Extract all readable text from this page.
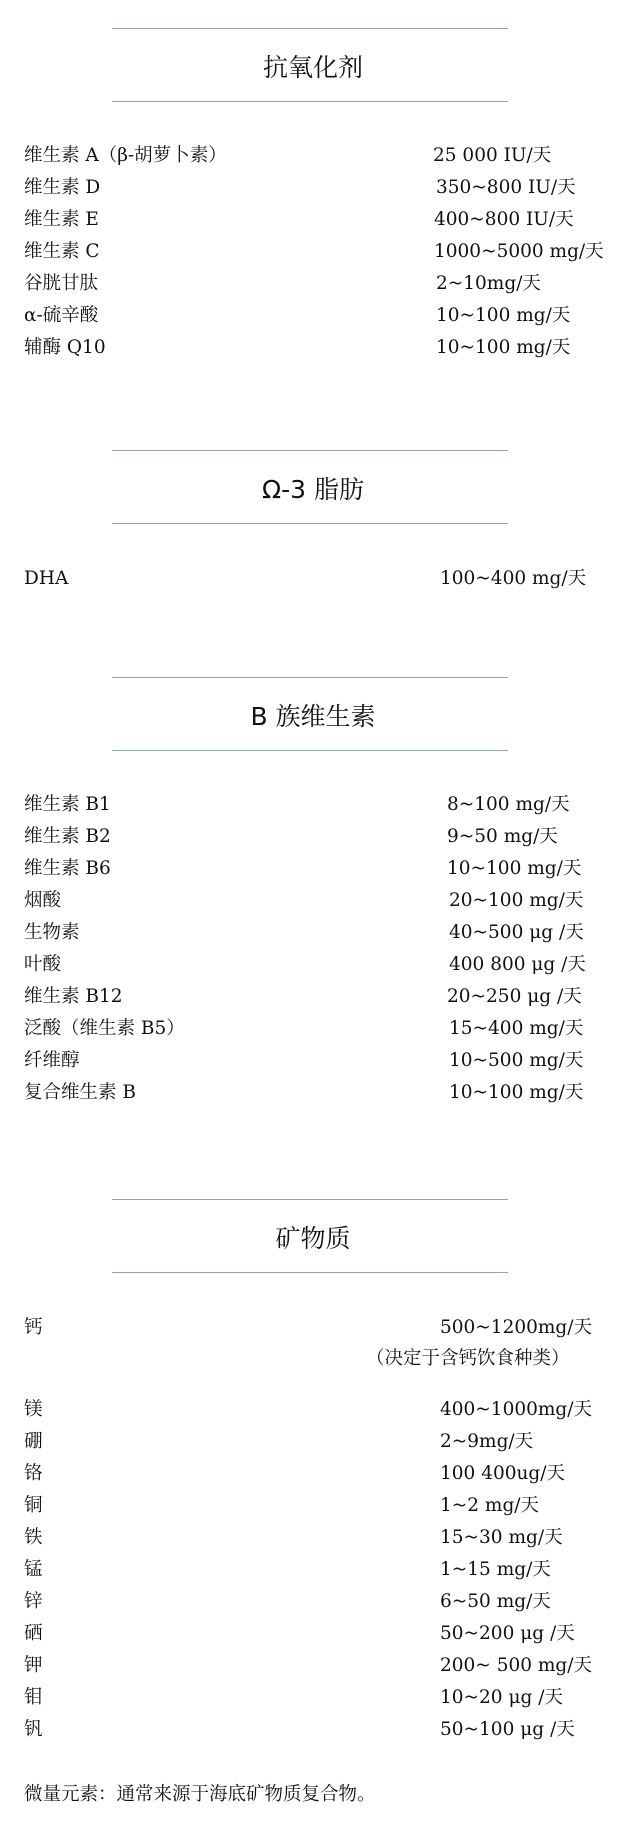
抗氧化剂
维生素 A（β-胡萝卜素）	25 000 IU/天
维生素 D	350~800 IU/天
维生素 E	400~800 IU/天
维生素 C	1000~5000 mg/天
谷胱甘肽	2~10mg/天
α-硫辛酸	10~100 mg/天
辅酶 Q10	10~100 mg/天
Ω-3 脂肪
DHA	100~400 mg/天
B 族维生素
维生素 B1	8~100 mg/天
维生素 B2	9~50 mg/天
维生素 B6	10~100 mg/天
烟酸	20~100 mg/天
生物素	40~500 μg /天
叶酸	400 800 μg /天
维生素 B12	20~250 μg /天
泛酸（维生素 B5）	15~400 mg/天
纤维醇	10~500 mg/天
复合维生素 B	10~100 mg/天
矿物质
钙	500~1200mg/天
（决定于含钙饮食种类）
镁	400~1000mg/天
硼	2~9mg/天
铬	100 400ug/天
铜	1~2 mg/天
铁	15~30 mg/天
锰	1~15 mg/天
锌	6~50 mg/天
硒	50~200 μg /天
钾	200~ 500 mg/天
钼	10~20 μg /天
钒	50~100 μg /天
微量元素：通常来源于海底矿物质复合物。
